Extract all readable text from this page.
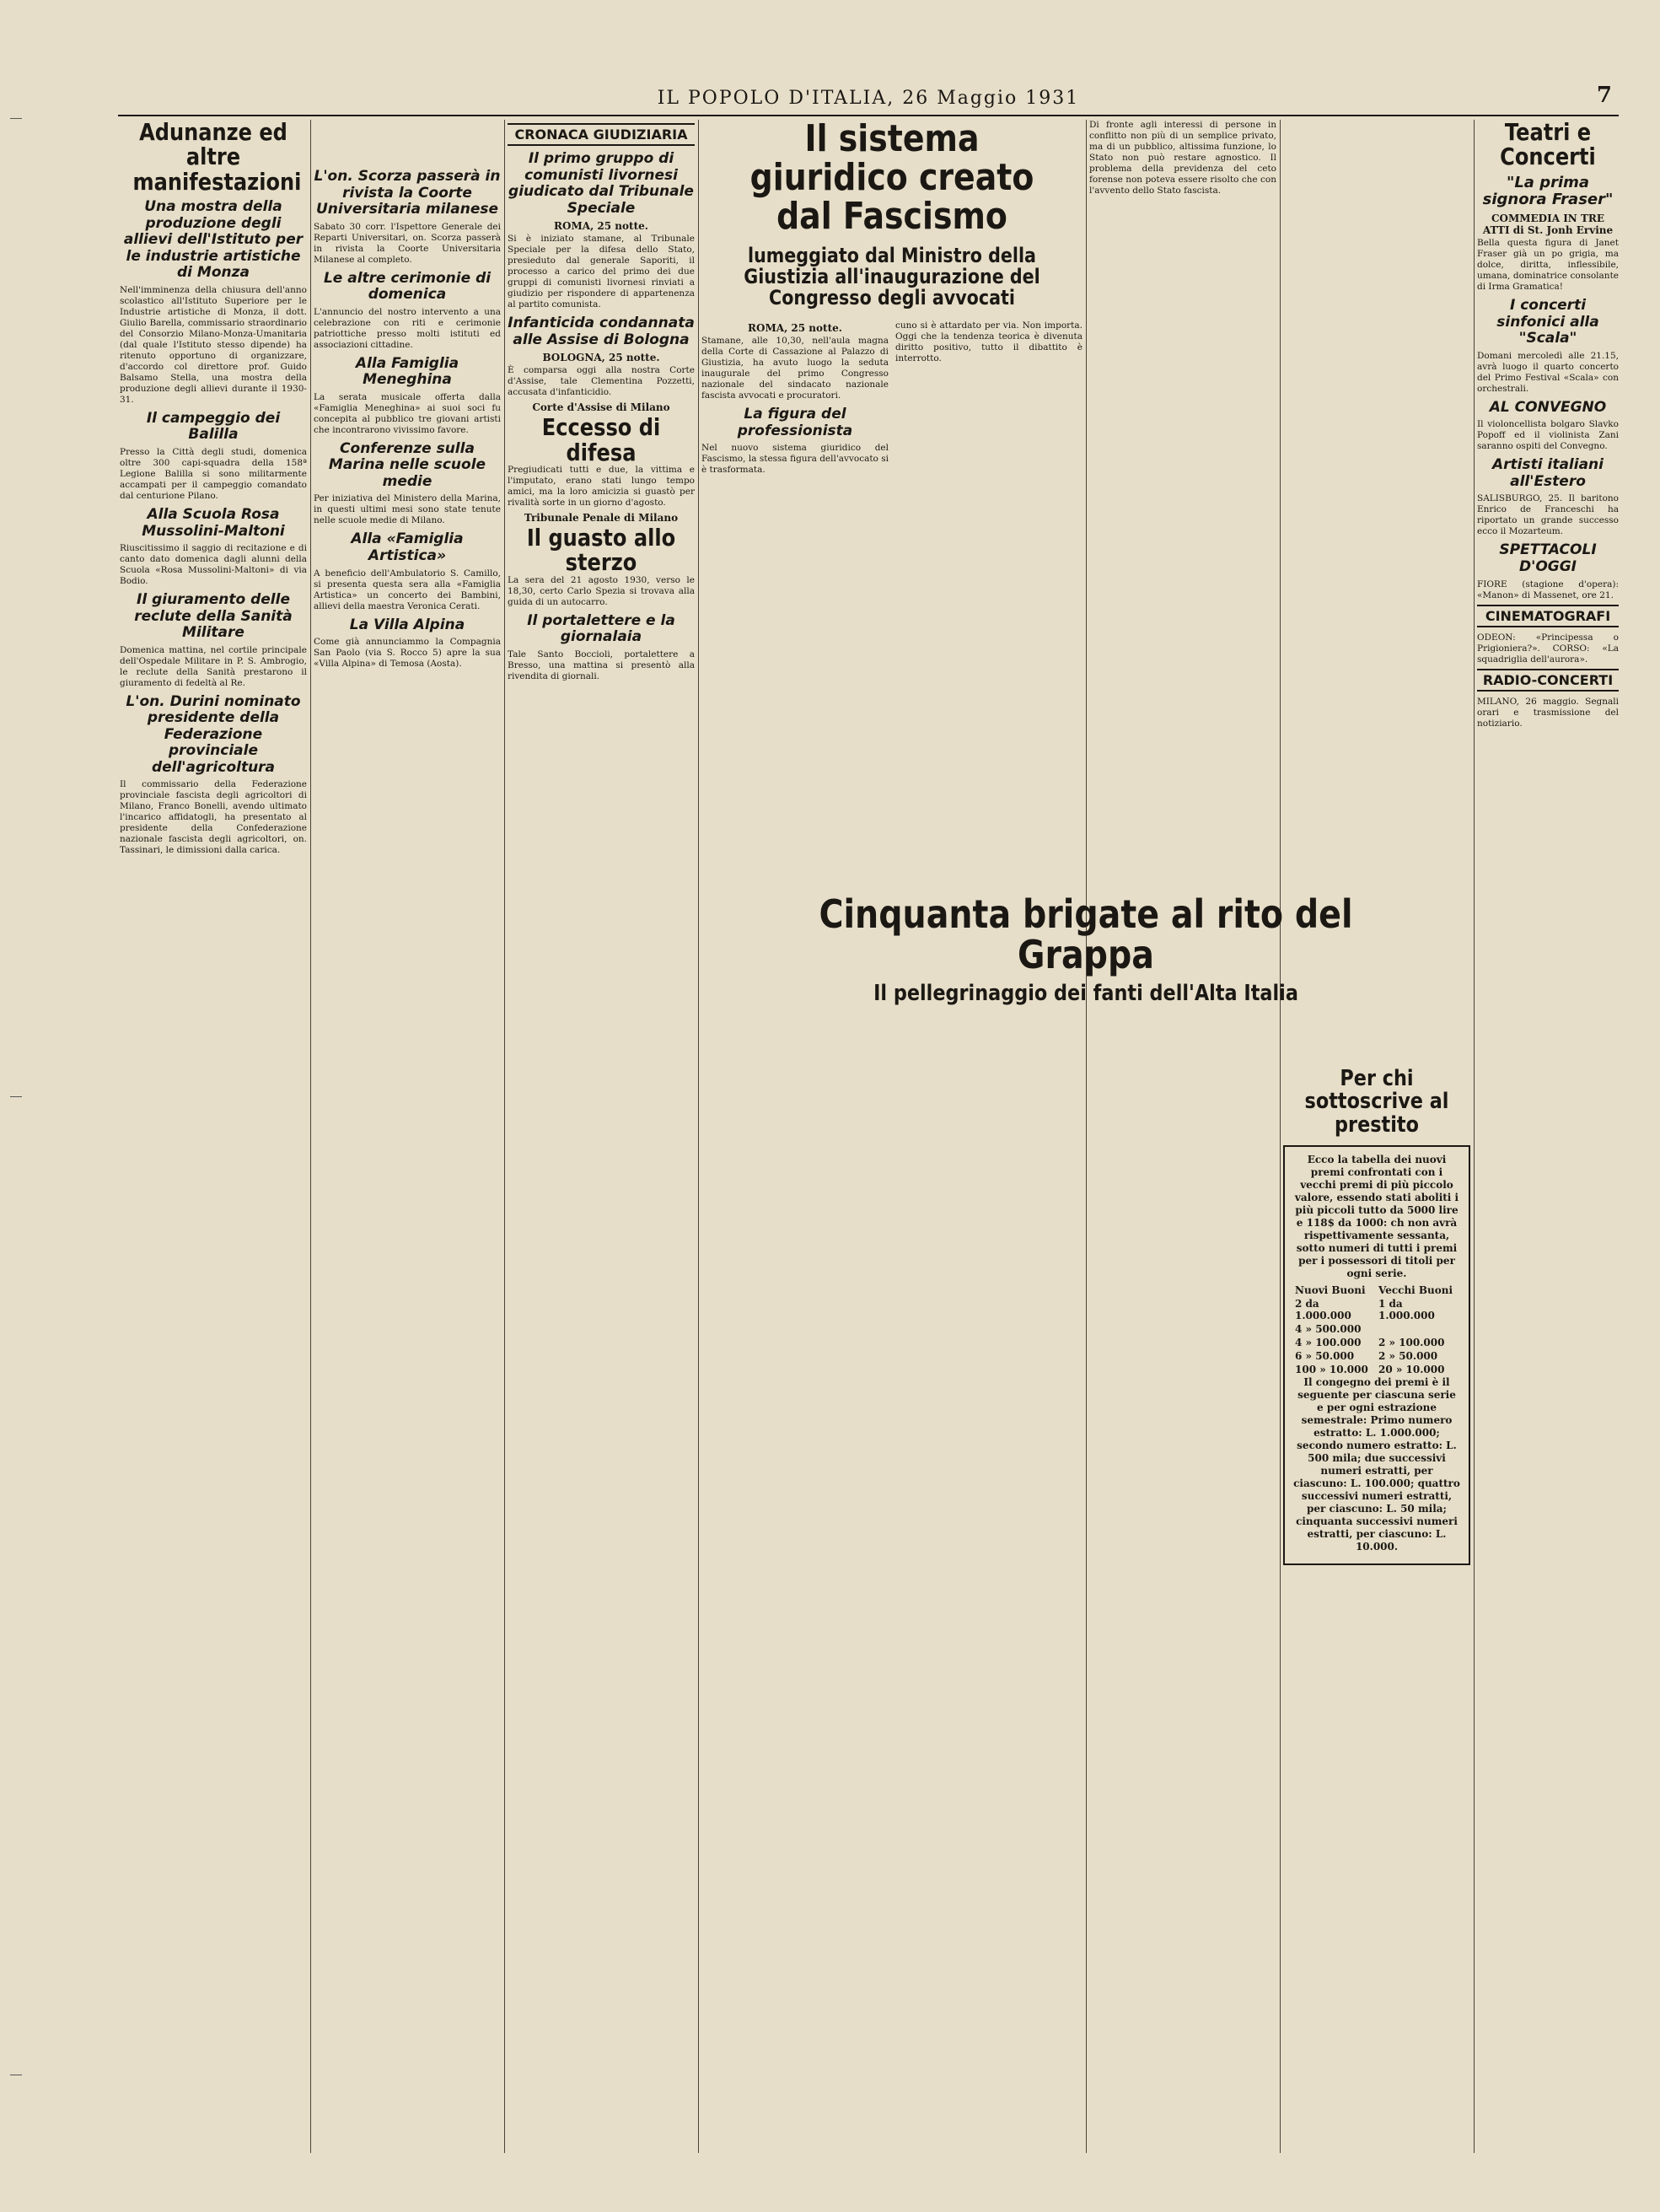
IL POPOLO D'ITALIA, 26 Maggio 1931	7
Adunanze ed altre manifestazioni
Una mostra della produzione degli allievi dell'Istituto per le industrie artistiche di Monza

Nell'imminenza della chiusura dell'anno scolastico all'Istituto Superiore per le Industrie artistiche di Monza, il dott. Giulio Barella, commissario straordinario del Consorzio Milano-Monza-Umanitaria (dal quale l'Istituto stesso dipende) ha ritenuto opportuno di organizzare, d'accordo col direttore prof. Guido Balsamo Stella, una mostra della produzione degli allievi durante il 1930-31.

Il campeggio dei Balilla

Presso la Città degli studi, domenica oltre 300 capi-squadra della 158ª Legione Balilla si sono militarmente accampati per il campeggio comandato dal centurione Pilano.

Alla Scuola Rosa Mussolini-Maltoni

Riuscitissimo il saggio di recitazione e di canto dato domenica dagli alunni della Scuola «Rosa Mussolini-Maltoni» di via Bodio.

Il giuramento delle reclute della Sanità Militare

Domenica mattina, nel cortile principale dell'Ospedale Militare in P. S. Ambrogio, le reclute della Sanità prestarono il giuramento di fedeltà al Re.

L'on. Durini nominato presidente della Federazione provinciale dell'agricoltura

Il commissario della Federazione provinciale fascista degli agricoltori di Milano, Franco Bonelli, avendo ultimato l'incarico affidatogli, ha presentato al presidente della Confederazione nazionale fascista degli agricoltori, on. Tassinari, le dimissioni dalla carica.

L'on. Scorza passerà in rivista la Coorte Universitaria milanese

Sabato 30 corr. l'Ispettore Generale dei Reparti Universitari, on. Scorza passerà in rivista la Coorte Universitaria Milanese al completo.

Le altre cerimonie di domenica

L'annuncio del nostro intervento a una celebrazione con riti e cerimonie patriottiche presso molti istituti ed associazioni cittadine.

Alla Famiglia Meneghina

La serata musicale offerta dalla «Famiglia Meneghina» ai suoi soci fu concepita al pubblico tre giovani artisti che incontrarono vivissimo favore.

Conferenze sulla Marina nelle scuole medie

Per iniziativa del Ministero della Marina, in questi ultimi mesi sono state tenute nelle scuole medie di Milano.

Alla «Famiglia Artistica»

A beneficio dell'Ambulatorio S. Camillo, si presenta questa sera alla «Famiglia Artistica» un concerto dei Bambini, allievi della maestra Veronica Cerati.

La Villa Alpina

Come già annunciammo la Compagnia San Paolo (via S. Rocco 5) apre la sua «Villa Alpina» di Temosa (Aosta).

CRONACA GIUDIZIARIA
Il primo gruppo di comunisti livornesi giudicato dal Tribunale Speciale
ROMA, 25 notte.

Si è iniziato stamane, al Tribunale Speciale per la difesa dello Stato, presieduto dal generale Saporiti, il processo a carico del primo dei due gruppi di comunisti livornesi rinviati a giudizio per rispondere di appartenenza al partito comunista.

Infanticida condannata alle Assise di Bologna
BOLOGNA, 25 notte.

È comparsa oggi alla nostra Corte d'Assise, tale Clementina Pozzetti, accusata d'infanticidio.

Corte d'Assise di Milano
Eccesso di difesa

Pregiudicati tutti e due, la vittima e l'imputato, erano stati lungo tempo amici, ma la loro amicizia si guastò per rivalità sorte in un giorno d'agosto.

Tribunale Penale di Milano
Il guasto allo sterzo

La sera del 21 agosto 1930, verso le 18,30, certo Carlo Spezia si trovava alla guida di un autocarro.

Il portalettere e la giornalaia

Tale Santo Boccioli, portalettere a Bresso, una mattina si presentò alla rivendita di giornali.

Il sistema giuridico creato dal Fascismo
lumeggiato dal Ministro della Giustizia all'inaugurazione del Congresso degli avvocati
ROMA, 25 notte.

Stamane, alle 10,30, nell'aula magna della Corte di Cassazione al Palazzo di Giustizia, ha avuto luogo la seduta inaugurale del primo Congresso nazionale del sindacato nazionale fascista avvocati e procuratori.

La figura del professionista

Nel nuovo sistema giuridico del Fascismo, la stessa figura dell'avvocato si è trasformata.

cuno si è attardato per via. Non importa. Oggi che la tendenza teorica è divenuta diritto positivo, tutto il dibattito è interrotto.

Di fronte agli interessi di persone in conflitto non più di un semplice privato, ma di un pubblico, altissima funzione, lo Stato non può restare agnostico. Il problema della previdenza del ceto forense non poteva essere risolto che con l'avvento dello Stato fascista.

Cinquanta brigate al rito del Grappa
Il pellegrinaggio dei fanti dell'Alta Italia

Per chi sottoscrive al prestito

Ecco la tabella dei nuovi premi confrontati con i vecchi premi di più piccolo valore, essendo stati aboliti i più piccoli tutto da 5000 lire e 118$ da 1000: ch non avrà rispettivamente sessanta, sotto numeri di tutti i premi per i possessori di titoli per ogni serie.

Nuovi Buoni	Vecchi Buoni
2 da 1.000.000	1 da 1.000.000
4 » 500.000	
4 » 100.000	2 » 100.000
6 » 50.000	2 » 50.000
100 » 10.000	20 » 10.000

Il congegno dei premi è il seguente per ciascuna serie e per ogni estrazione semestrale: Primo numero estratto: L. 1.000.000; secondo numero estratto: L. 500 mila; due successivi numeri estratti, per ciascuno: L. 100.000; quattro successivi numeri estratti, per ciascuno: L. 50 mila; cinquanta successivi numeri estratti, per ciascuno: L. 10.000.

Teatri e Concerti
"La prima signora Fraser"
COMMEDIA IN TRE ATTI di St. Jonh Ervine

Bella questa figura di Janet Fraser già un po grigia, ma dolce, diritta, inflessibile, umana, dominatrice consolante di Irma Gramatica!

I concerti sinfonici alla "Scala"

Domani mercoledì alle 21.15, avrà luogo il quarto concerto del Primo Festival «Scala» con orchestrali.

AL CONVEGNO

Il violoncellista bolgaro Slavko Popoff ed il violinista Zani saranno ospiti del Convegno.

Artisti italiani all'Estero

SALISBURGO, 25. Il baritono Enrico de Franceschi ha riportato un grande successo ecco il Mozarteum.

SPETTACOLI D'OGGI

FIORE (stagione d'opera): «Manon» di Massenet, ore 21.

CINEMATOGRAFI

ODEON: «Principessa o Prigioniera?». CORSO: «La squadriglia dell'aurora».

RADIO-CONCERTI

MILANO, 26 maggio. Segnali orari e trasmissione del notiziario.
